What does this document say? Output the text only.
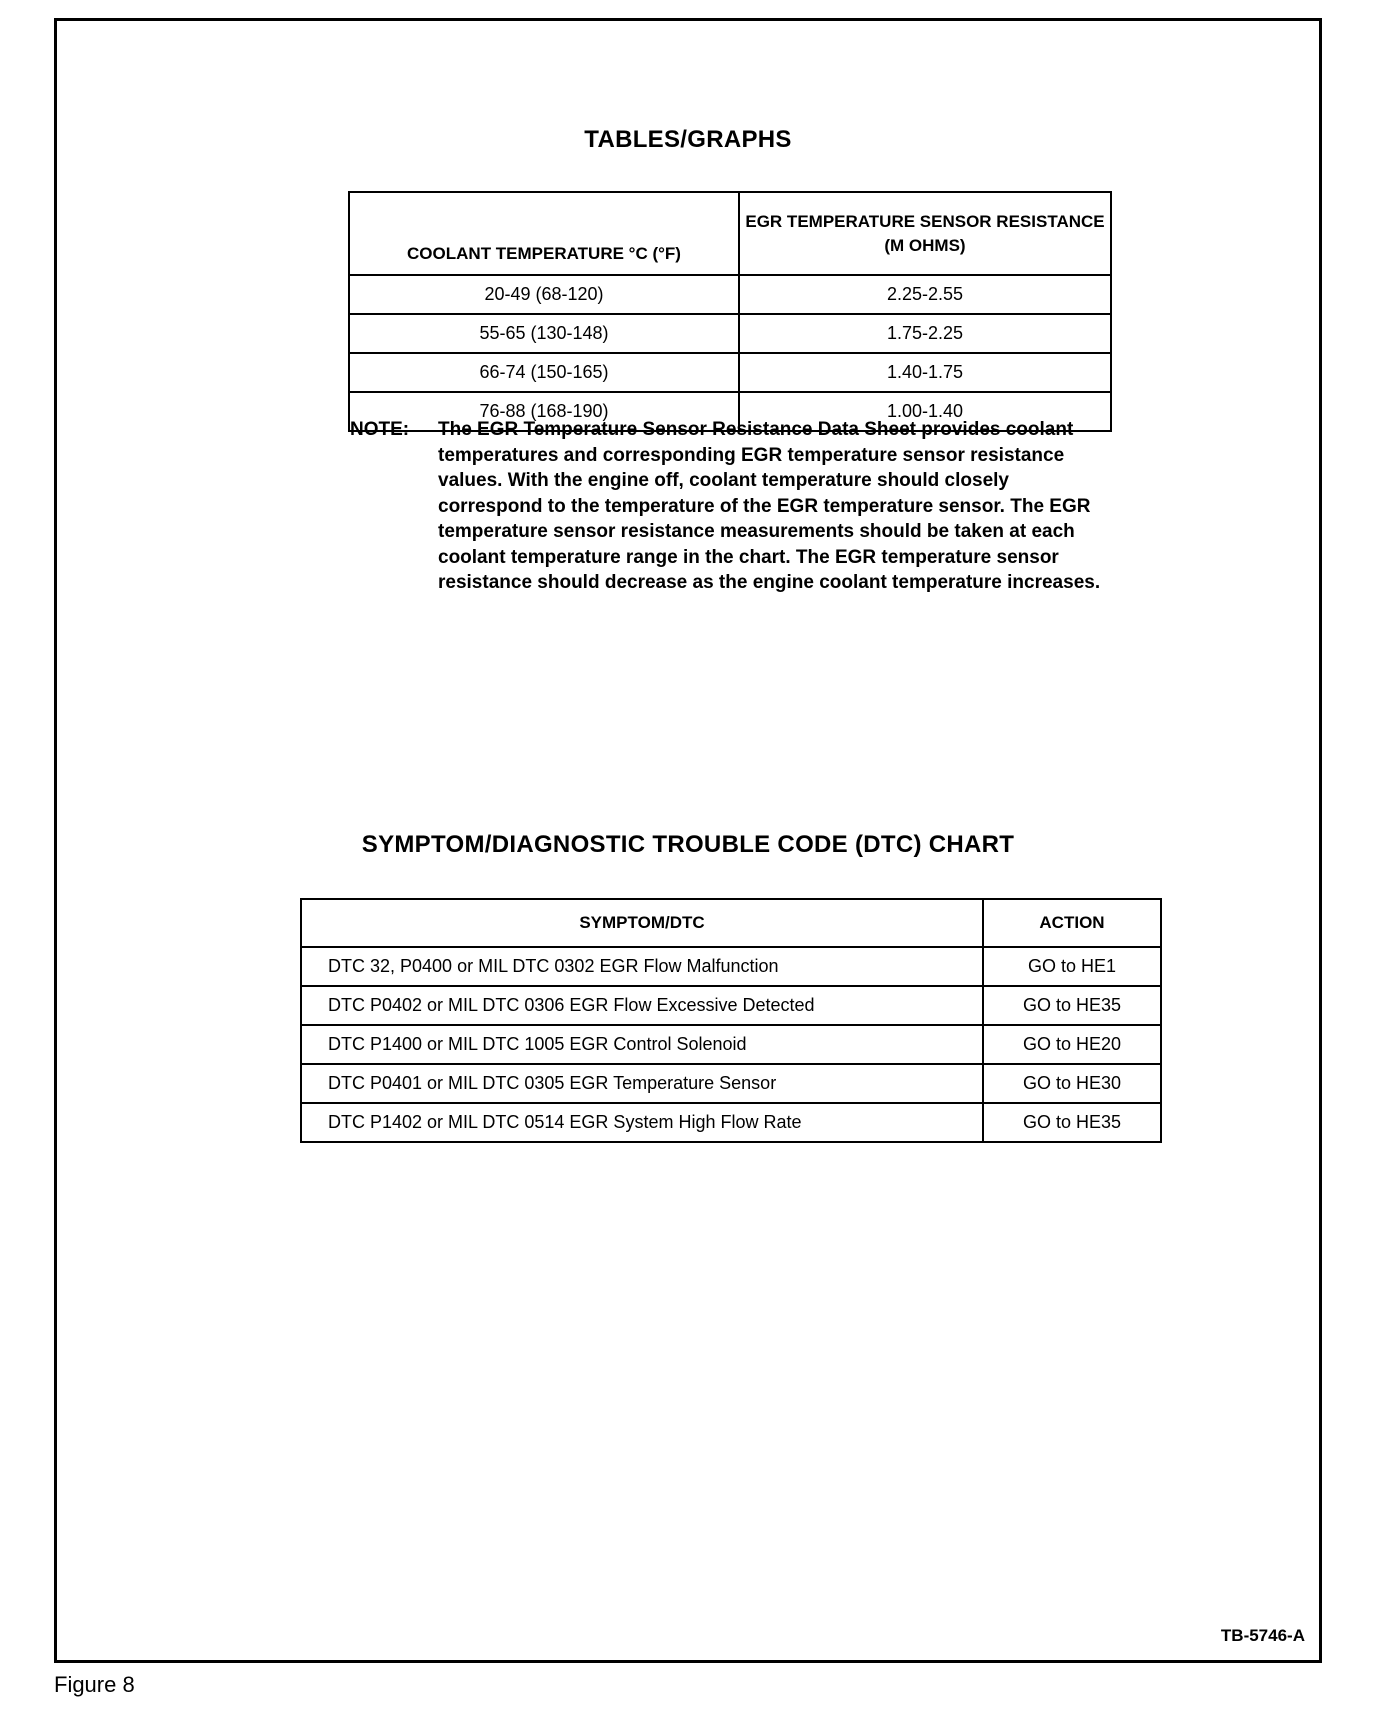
TABLES/GRAPHS
COOLANT TEMPERATURE °C (°F)	EGR TEMPERATURE SENSOR RESISTANCE (M OHMS)
20-49 (68-120)	2.25-2.55
55-65 (130-148)	1.75-2.25
66-74 (150-165)	1.40-1.75
76-88 (168-190)	1.00-1.40
NOTE: The EGR Temperature Sensor Resistance Data Sheet provides coolant temperatures and corresponding EGR temperature sensor resistance values. With the engine off, coolant temperature should closely correspond to the temperature of the EGR temperature sensor. The EGR temperature sensor resistance measurements should be taken at each coolant temperature range in the chart. The EGR temperature sensor resistance should decrease as the engine coolant temperature increases.
SYMPTOM/DIAGNOSTIC TROUBLE CODE (DTC) CHART
SYMPTOM/DTC	ACTION
DTC 32, P0400 or MIL DTC 0302 EGR Flow Malfunction	GO to HE1
DTC P0402 or MIL DTC 0306 EGR Flow Excessive Detected	GO to HE35
DTC P1400 or MIL DTC 1005 EGR Control Solenoid	GO to HE20
DTC P0401 or MIL DTC 0305 EGR Temperature Sensor	GO to HE30
DTC P1402 or MIL DTC 0514 EGR System High Flow Rate	GO to HE35
TB-5746-A
Figure 8
